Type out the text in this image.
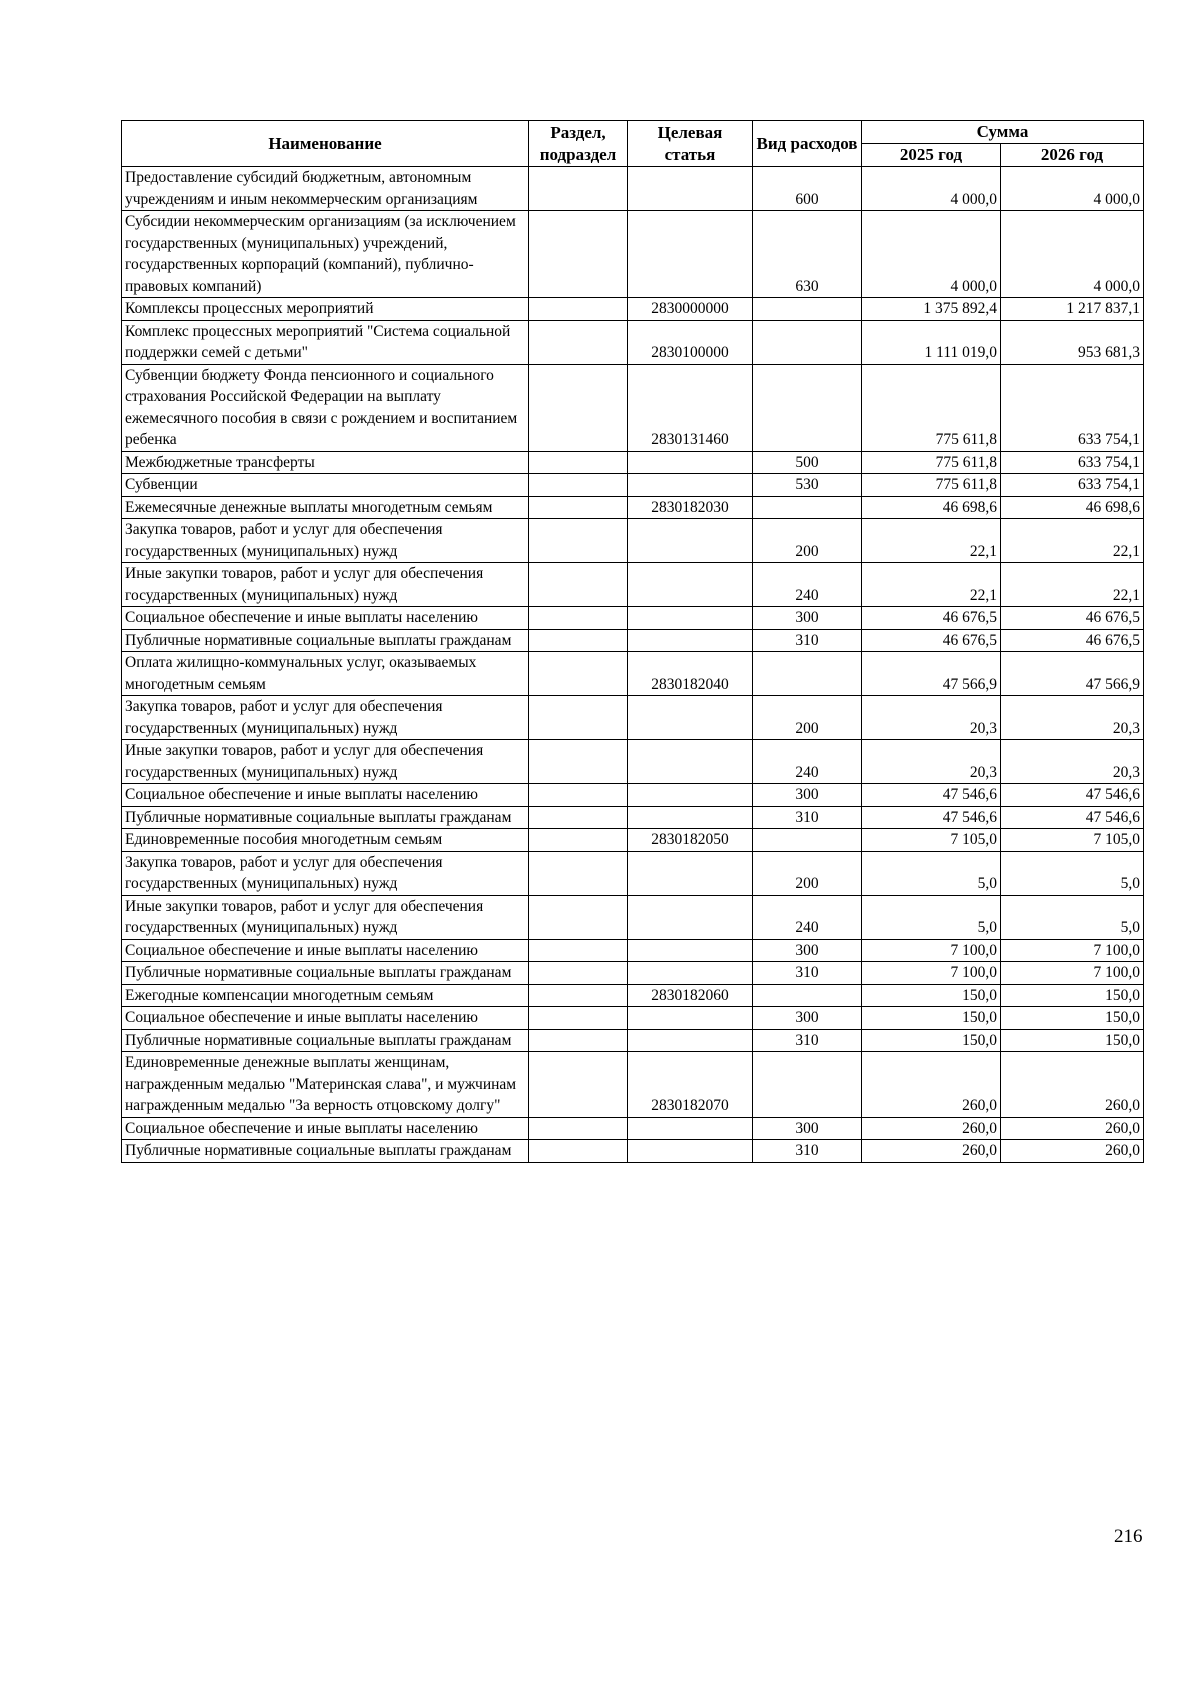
Наименование	Раздел, подраздел	Целевая статья	Вид расходов	Сумма	
				2025 год	2026 год
Предоставление субсидий бюджетным, автономным учреждениям и иным некоммерческим организациям			600	4 000,0	4 000,0
Субсидии некоммерческим организациям (за исключением государственных (муниципальных) учреждений, государственных корпораций (компаний), публично-правовых компаний)			630	4 000,0	4 000,0
Комплексы процессных мероприятий		2830000000		1 375 892,4	1 217 837,1
Комплекс процессных мероприятий "Система социальной поддержки семей с детьми"		2830100000		1 111 019,0	953 681,3
Субвенции бюджету Фонда пенсионного и социального страхования Российской Федерации на выплату ежемесячного пособия в связи с рождением и воспитанием ребенка		2830131460		775 611,8	633 754,1
Межбюджетные трансферты			500	775 611,8	633 754,1
Субвенции			530	775 611,8	633 754,1
Ежемесячные денежные выплаты многодетным семьям		2830182030		46 698,6	46 698,6
Закупка товаров, работ и услуг для обеспечения государственных (муниципальных) нужд			200	22,1	22,1
Иные закупки товаров, работ и услуг для обеспечения государственных (муниципальных) нужд			240	22,1	22,1
Социальное обеспечение и иные выплаты населению			300	46 676,5	46 676,5
Публичные нормативные социальные выплаты гражданам			310	46 676,5	46 676,5
Оплата жилищно-коммунальных услуг, оказываемых многодетным семьям		2830182040		47 566,9	47 566,9
Закупка товаров, работ и услуг для обеспечения государственных (муниципальных) нужд			200	20,3	20,3
Иные закупки товаров, работ и услуг для обеспечения государственных (муниципальных) нужд			240	20,3	20,3
Социальное обеспечение и иные выплаты населению			300	47 546,6	47 546,6
Публичные нормативные социальные выплаты гражданам			310	47 546,6	47 546,6
Единовременные пособия многодетным семьям		2830182050		7 105,0	7 105,0
Закупка товаров, работ и услуг для обеспечения государственных (муниципальных) нужд			200	5,0	5,0
Иные закупки товаров, работ и услуг для обеспечения государственных (муниципальных) нужд			240	5,0	5,0
Социальное обеспечение и иные выплаты населению			300	7 100,0	7 100,0
Публичные нормативные социальные выплаты гражданам			310	7 100,0	7 100,0
Ежегодные компенсации многодетным семьям		2830182060		150,0	150,0
Социальное обеспечение и иные выплаты населению			300	150,0	150,0
Публичные нормативные социальные выплаты гражданам			310	150,0	150,0
Единовременные денежные выплаты женщинам, награжденным медалью "Материнская слава", и мужчинам награжденным медалью "За верность отцовскому долгу"		2830182070		260,0	260,0
Социальное обеспечение и иные выплаты населению			300	260,0	260,0
Публичные нормативные социальные выплаты гражданам			310	260,0	260,0
216
